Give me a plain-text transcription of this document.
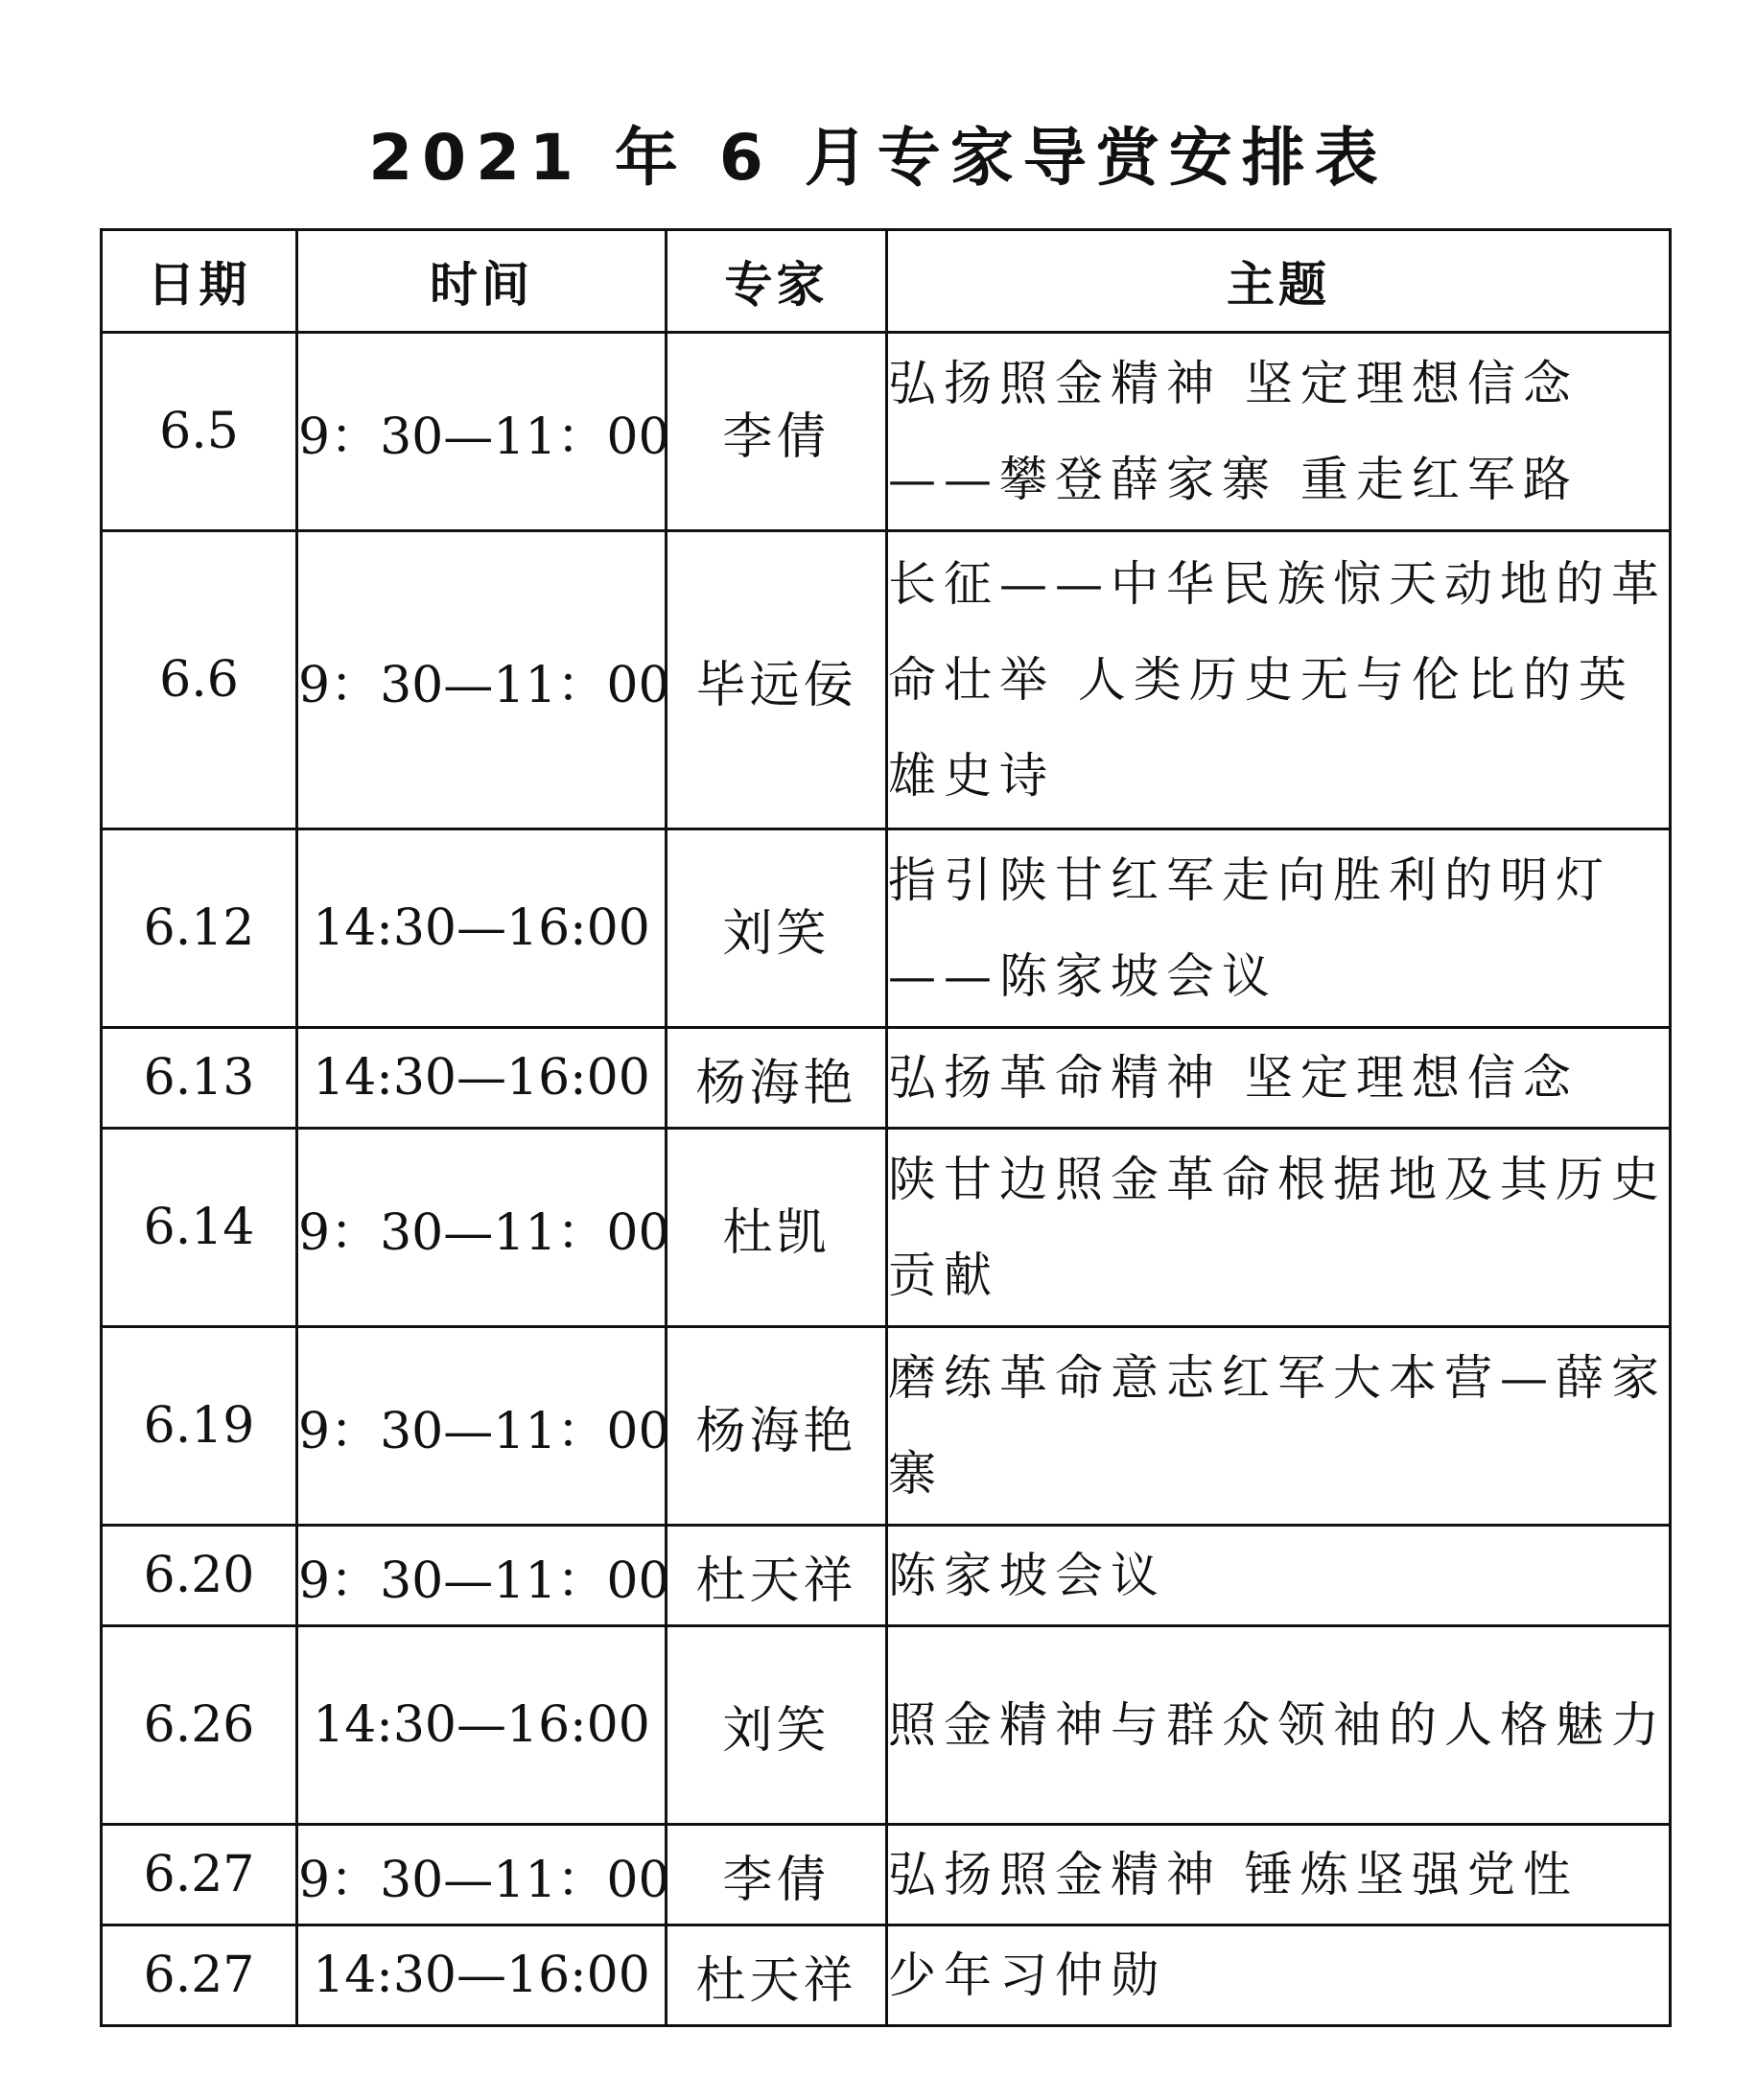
2021 年 6 月专家导赏安排表
日期	时间	专家	主题
6.5	9：30—11：00	李倩	弘扬照金精神 坚定理想信念——攀登薛家寨 重走红军路
6.6	9：30—11：00	毕远佞	长征——中华民族惊天动地的革命壮举 人类历史无与伦比的英雄史诗
6.12	14:30—16:00	刘笑	指引陕甘红军走向胜利的明灯——陈家坡会议
6.13	14:30—16:00	杨海艳	弘扬革命精神 坚定理想信念
6.14	9：30—11：00	杜凯	陕甘边照金革命根据地及其历史贡献
6.19	9：30—11：00	杨海艳	磨练革命意志红军大本营—薛家寨
6.20	9：30—11：00	杜天祥	陈家坡会议
6.26	14:30—16:00	刘笑	照金精神与群众领袖的人格魅力
6.27	9：30—11：00	李倩	弘扬照金精神 锤炼坚强党性
6.27	14:30—16:00	杜天祥	少年习仲勋
